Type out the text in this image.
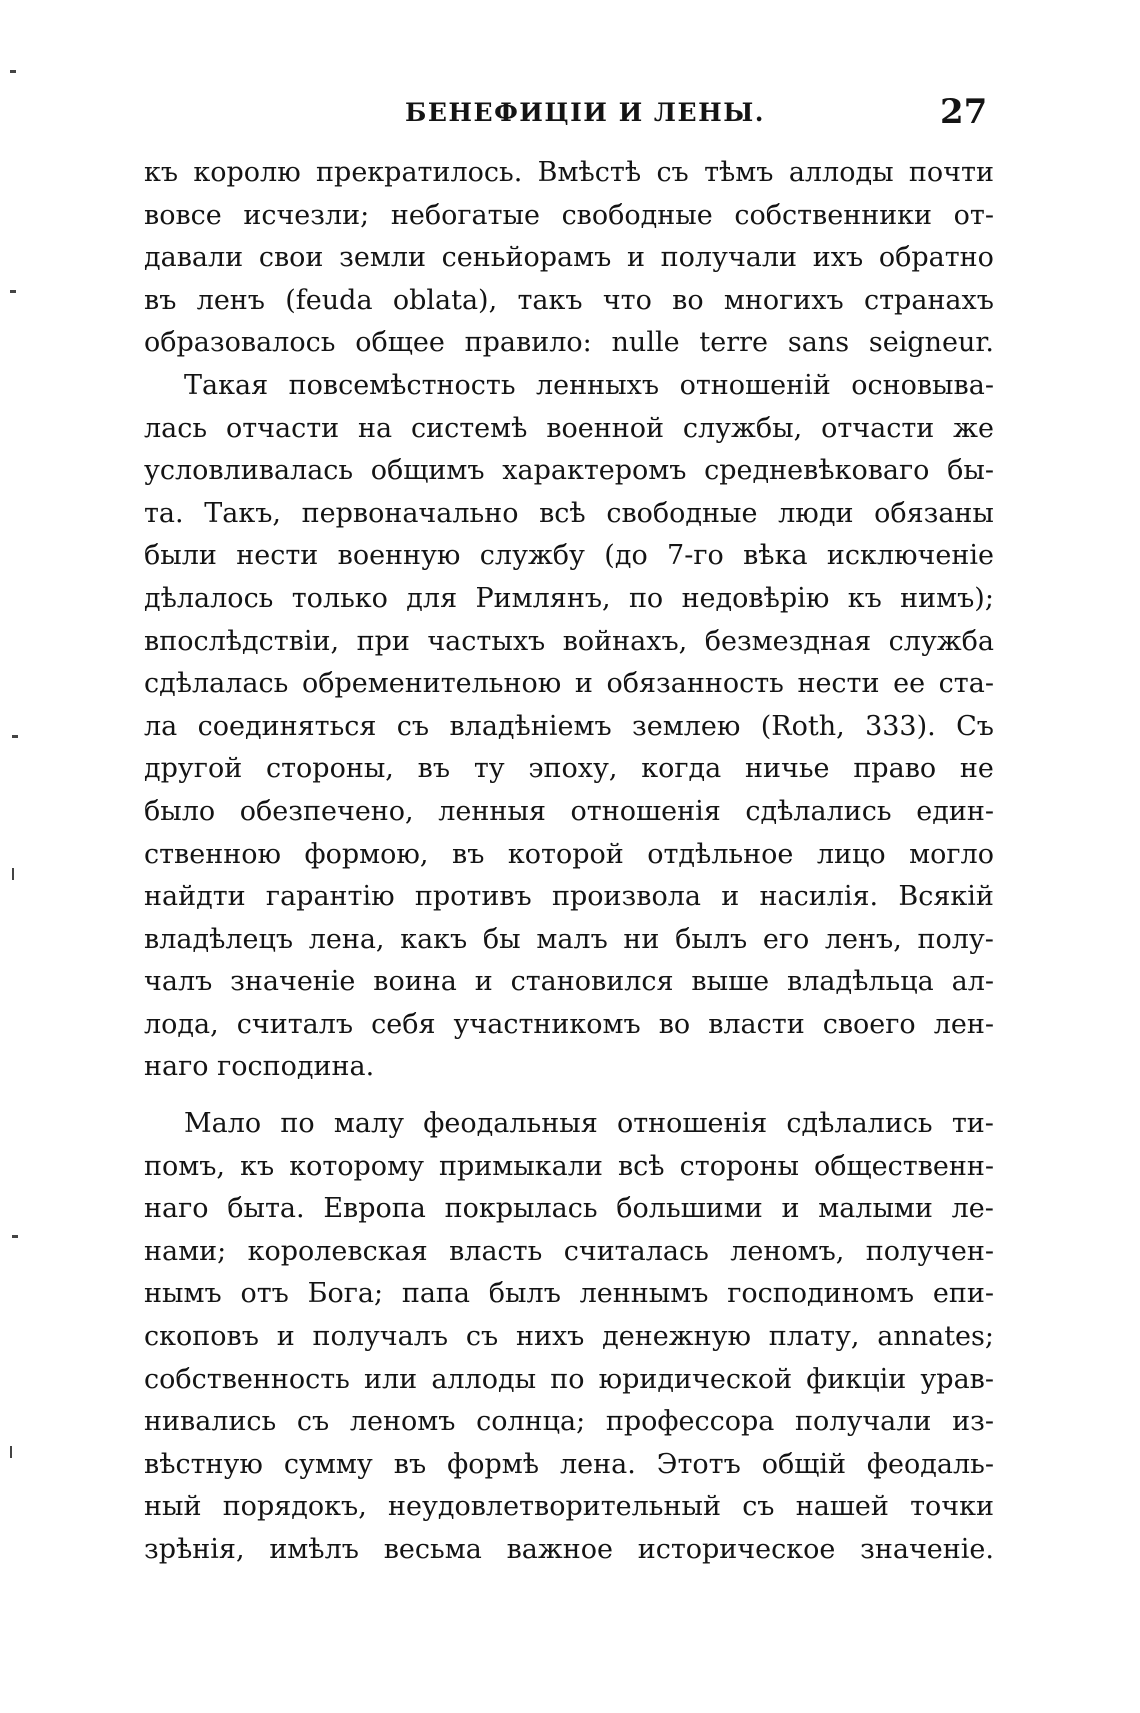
БЕНЕФИЦІИ И ЛЕНЫ.	27
къ королю прекратилось. Вмѣстѣ съ тѣмъ аллоды почти
вовсе исчезли; небогатые свободные собственники от-
давали свои земли сеньйорамъ и получали ихъ обратно
въ ленъ (feuda oblata), такъ что во многихъ странахъ
образовалось общее правило: nulle terre sans seigneur.
Такая повсемѣстность ленныхъ отношеній основыва-
лась отчасти на системѣ военной службы, отчасти же
условливалась общимъ характеромъ средневѣковаго бы-
та. Такъ, первоначально всѣ свободные люди обязаны
были нести военную службу (до 7-го вѣка исключеніе
дѣлалось только для Римлянъ, по недовѣрію къ нимъ);
впослѣдствіи, при частыхъ войнахъ, безмездная служба
сдѣлалась обременительною и обязанность нести ее ста-
ла соединяться съ владѣніемъ землею (Roth, 333). Съ
другой стороны, въ ту эпоху, когда ничье право не
было обезпечено, ленныя отношенія сдѣлались един-
ственною формою, въ которой отдѣльное лицо могло
найдти гарантію противъ произвола и насилія. Всякій
владѣлецъ лена, какъ бы малъ ни былъ его ленъ, полу-
чалъ значеніе воина и становился выше владѣльца ал-
лода, считалъ себя участникомъ во власти своего лен-
наго господина.
Мало по малу феодальныя отношенія сдѣлались ти-
помъ, къ которому примыкали всѣ стороны общественн-
наго быта. Европа покрылась большими и малыми ле-
нами; королевская власть считалась леномъ, получен-
нымъ отъ Бога; папа былъ леннымъ господиномъ епи-
скоповъ и получалъ съ нихъ денежную плату, annates;
собственность или аллоды по юридической фикціи урав-
нивались съ леномъ солнца; профессора получали из-
вѣстную сумму въ формѣ лена. Этотъ общій феодаль-
ный порядокъ, неудовлетворительный съ нашей точки
зрѣнія, имѣлъ весьма важное историческое значеніе.
